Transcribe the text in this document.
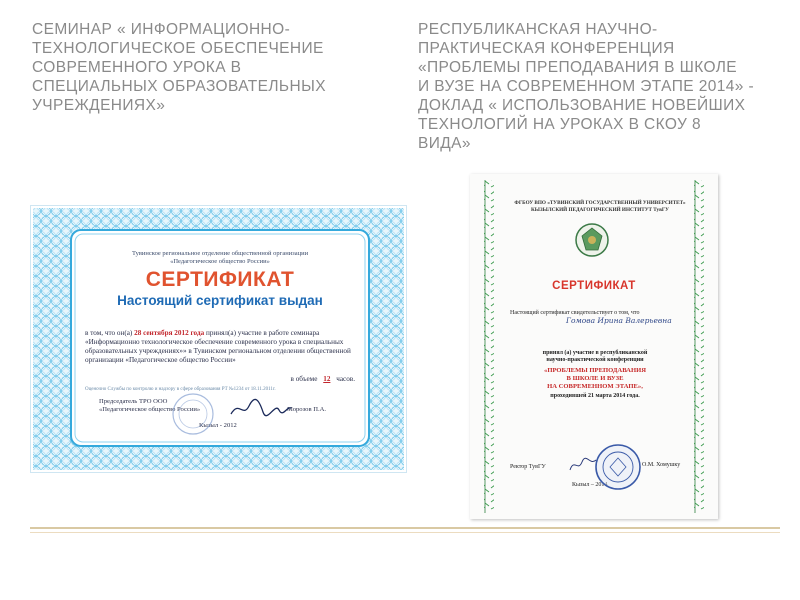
СЕМИНАР « ИНФОРМАЦИОННО-
ТЕХНОЛОГИЧЕСКОЕ ОБЕСПЕЧЕНИЕ
СОВРЕМЕННОГО УРОКА В
СПЕЦИАЛЬНЫХ ОБРАЗОВАТЕЛЬНЫХ
УЧРЕЖДЕНИЯХ»
РЕСПУБЛИКАНСКАЯ НАУЧНО-
ПРАКТИЧЕСКАЯ КОНФЕРЕНЦИЯ
«ПРОБЛЕМЫ ПРЕПОДАВАНИЯ В ШКОЛЕ
И ВУЗЕ НА СОВРЕМЕННОМ ЭТАПЕ 2014» -
ДОКЛАД « ИСПОЛЬЗОВАНИЕ НОВЕЙШИХ
ТЕХНОЛОГИЙ НА УРОКАХ В СКОУ 8
ВИДА»
Тувинское региональное отделение общественной организации
«Педагогическое общество России»
СЕРТИФИКАТ
Настоящий сертификат выдан
в том, что он(а) 28 сентября 2012 года принял(а) участие в работе семинара «Информационно технологическое обеспечение современного урока в специальных образовательных учреждениях»» в Тувинском региональном отделении общественной организации «Педагогическое общество России»
в объеме 12 часов.
Оценочно Службы по контролю и надзору в сфере образования РТ №1234 от 18.11.2011г.
Председатель ТРО ООО
«Педагогическое общество России»	Морозов П.А.
Кызыл - 2012
ФГБОУ ВПО «ТУВИНСКИЙ ГОСУДАРСТВЕННЫЙ УНИВЕРСИТЕТ»
КЫЗЫЛСКИЙ ПЕДАГОГИЧЕСКИЙ ИНСТИТУТ ТувГУ
СЕРТИФИКАТ
Настоящий сертификат свидетельствует о том, что
Гомова Ирина Валерьевна
принял (а) участие в республиканской
научно-практической конференции
«ПРОБЛЕМЫ ПРЕПОДАВАНИЯ
В ШКОЛЕ И ВУЗЕ
НА СОВРЕМЕННОМ ЭТАПЕ»,
проходившей 21 марта 2014 года.
Ректор ТувГУ	О.М. Хомушку
Кызыл – 2014
